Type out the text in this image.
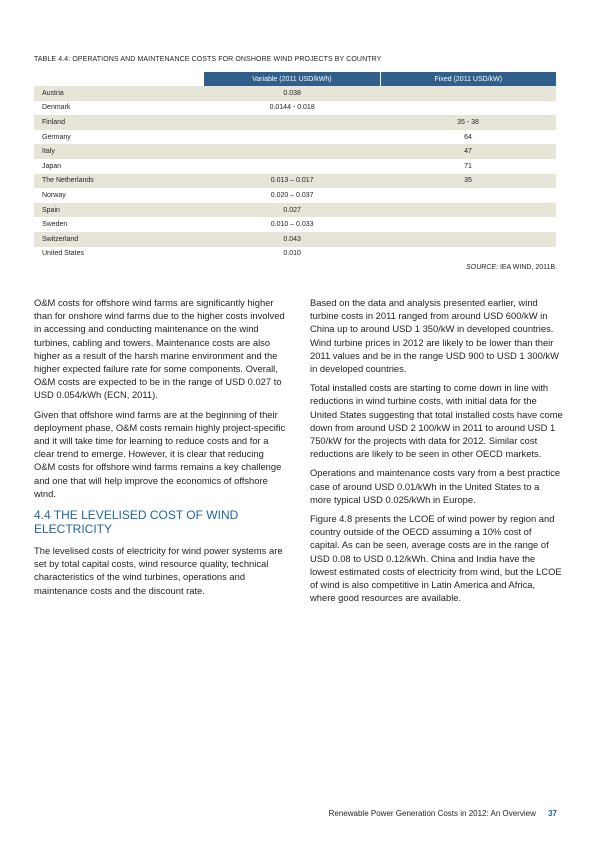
TABLE 4.4: OPERATIONS AND MAINTENANCE COSTS FOR ONSHORE WIND PROJECTS BY COUNTRY
	Variable (2011 USD/kWh)	Fixed (2011 USD/kW)
Austria	0.038	
Denmark	0.0144 - 0.018	
Finland		35 - 38
Germany		64
Italy		47
Japan		71
The Netherlands	0.013 – 0.017	35
Norway	0.020 – 0.037	
Spain	0.027	
Sweden	0.010 – 0.033	
Switzerland	0.043	
United States	0.010	
SOURCE: IEA WIND, 2011B.

O&M costs for offshore wind farms are significantly higher than for onshore wind farms due to the higher costs involved in accessing and conducting maintenance on the wind turbines, cabling and towers. Maintenance costs are also higher as a result of the harsh marine environment and the higher expected failure rate for some components. Overall, O&M costs are expected to be in the range of USD 0.027 to USD 0.054/kWh (ECN, 2011).

Given that offshore wind farms are at the beginning of their deployment phase, O&M costs remain highly project-specific and it will take time for learning to reduce costs and for a clear trend to emerge. However, it is clear that reducing O&M costs for offshore wind farms remains a key challenge and one that will help improve the economics of offshore wind.

4.4 THE LEVELISED COST OF WIND ELECTRICITY

The levelised costs of electricity for wind power systems are set by total capital costs, wind resource quality, technical characteristics of the wind turbines, operations and maintenance costs and the discount rate.

Based on the data and analysis presented earlier, wind turbine costs in 2011 ranged from around USD 600/kW in China up to around USD 1 350/kW in developed countries. Wind turbine prices in 2012 are likely to be lower than their 2011 values and be in the range USD 900 to USD 1 300/kW in developed countries.

Total installed costs are starting to come down in line with reductions in wind turbine costs, with initial data for the United States suggesting that total installed costs have come down from around USD 2 100/kW in 2011 to around USD 1 750/kW for the projects with data for 2012. Similar cost reductions are likely to be seen in other OECD markets.

Operations and maintenance costs vary from a best practice case of around USD 0.01/kWh in the United States to a more typical USD 0.025/kWh in Europe.

Figure 4.8 presents the LCOE of wind power by region and country outside of the OECD assuming a 10% cost of capital. As can be seen, average costs are in the range of USD 0.08 to USD 0.12/kWh. China and India have the lowest estimated costs of electricity from wind, but the LCOE of wind is also competitive in Latin America and Africa, where good resources are available.

Renewable Power Generation Costs in 2012: An Overview 37
